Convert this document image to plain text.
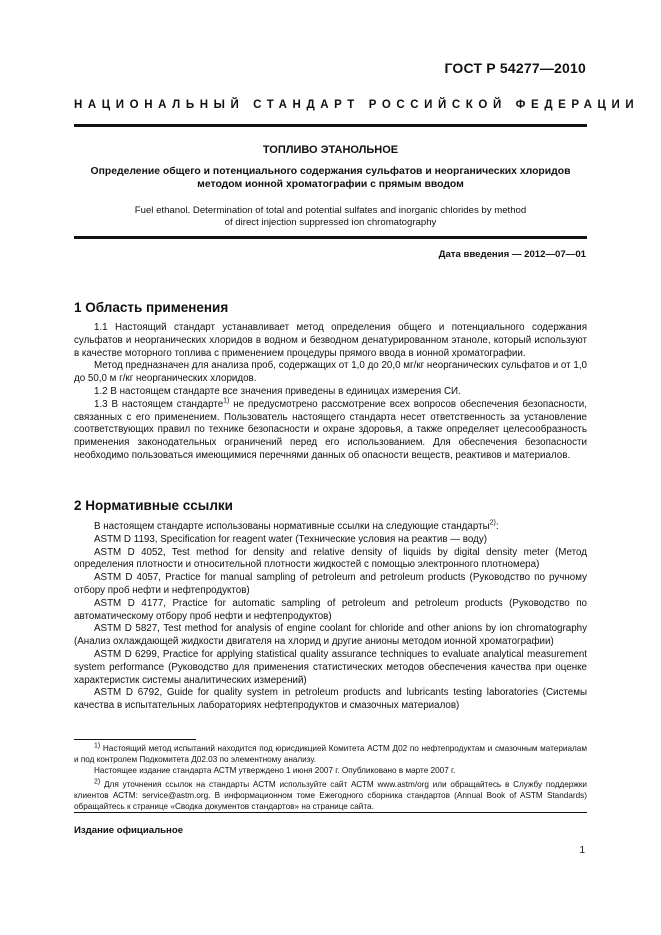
ГОСТ Р 54277—2010
НАЦИОНАЛЬНЫЙ СТАНДАРТ РОССИЙСКОЙ ФЕДЕРАЦИИ
ТОПЛИВО ЭТАНОЛЬНОЕ
Определение общего и потенциального содержания сульфатов и неорганических хлоридов методом ионной хроматографии с прямым вводом
Fuel ethanol. Determination of total and potential sulfates and inorganic chlorides by method
of direct injection suppressed ion chromatography
Дата введения — 2012—07—01
1 Область применения

1.1 Настоящий стандарт устанавливает метод определения общего и потенциального содержания сульфатов и неорганических хлоридов в водном и безводном денатурированном этаноле, который используют в качестве моторного топлива с применением процедуры прямого ввода в ионной хроматографии.

Метод предназначен для анализа проб, содержащих от 1,0 до 20,0 мг/кг неорганических сульфатов и от 1,0 до 50,0 м г/кг неорганических хлоридов.

1.2 В настоящем стандарте все значения приведены в единицах измерения СИ.

1.3 В настоящем стандарте$^{1)}$ не предусмотрено рассмотрение всех вопросов обеспечения безопасности, связанных с его применением. Пользователь настоящего стандарта несет ответственность за установление соответствующих правил по технике безопасности и охране здоровья, а также определяет целесообразность применения законодательных ограничений перед его использованием. Для обеспечения безопасности необходимо пользоваться имеющимися перечнями данных об опасности веществ, реактивов и материалов.

2 Нормативные ссылки

В настоящем стандарте использованы нормативные ссылки на следующие стандарты$^{2)}$:

ASTM D 1193, Specification for reagent water (Технические условия на реактив — воду)

ASTM D 4052, Test method for density and relative density of liquids by digital density meter (Метод определения плотности и относительной плотности жидкостей с помощью электронного плотномера)

ASTM D 4057, Practice for manual sampling of petroleum and petroleum products (Руководство по ручному отбору проб нефти и нефтепродуктов)

ASTM D 4177, Practice for automatic sampling of petroleum and petroleum products (Руководство по автоматическому отбору проб нефти и нефтепродуктов)

ASTM D 5827, Test method for analysis of engine coolant for chloride and other anions by ion chromatography (Анализ охлаждающей жидкости двигателя на хлорид и другие анионы методом ионной хроматографии)

ASTM D 6299, Practice for applying statistical quality assurance techniques to evaluate analytical measurement system performance (Руководство для применения статистических методов обеспечения качества при оценке характеристик системы аналитических измерений)

ASTM D 6792, Guide for quality system in petroleum products and lubricants testing laboratories (Системы качества в испытательных лабораториях нефтепродуктов и смазочных материалов)

$^{1)}$ Настоящий метод испытаний находится под юрисдикцией Комитета АСТМ Д02 по нефтепродуктам и смазочным материалам и под контролем Подкомитета Д02.03 по элементному анализу.

Настоящее издание стандарта АСТМ утверждено 1 июня 2007 г. Опубликовано в марте 2007 г.

$^{2)}$ Для уточнения ссылок на стандарты АСТМ используйте сайт АСТМ www.astm/org или обращайтесь в Службу поддержки клиентов АСТМ: service@astm.org. В информационном томе Ежегодного сборника стандартов (Annual Book of ASTM Standards) обращайтесь к странице «Сводка документов стандартов» на странице сайта.

Издание официальное
1
